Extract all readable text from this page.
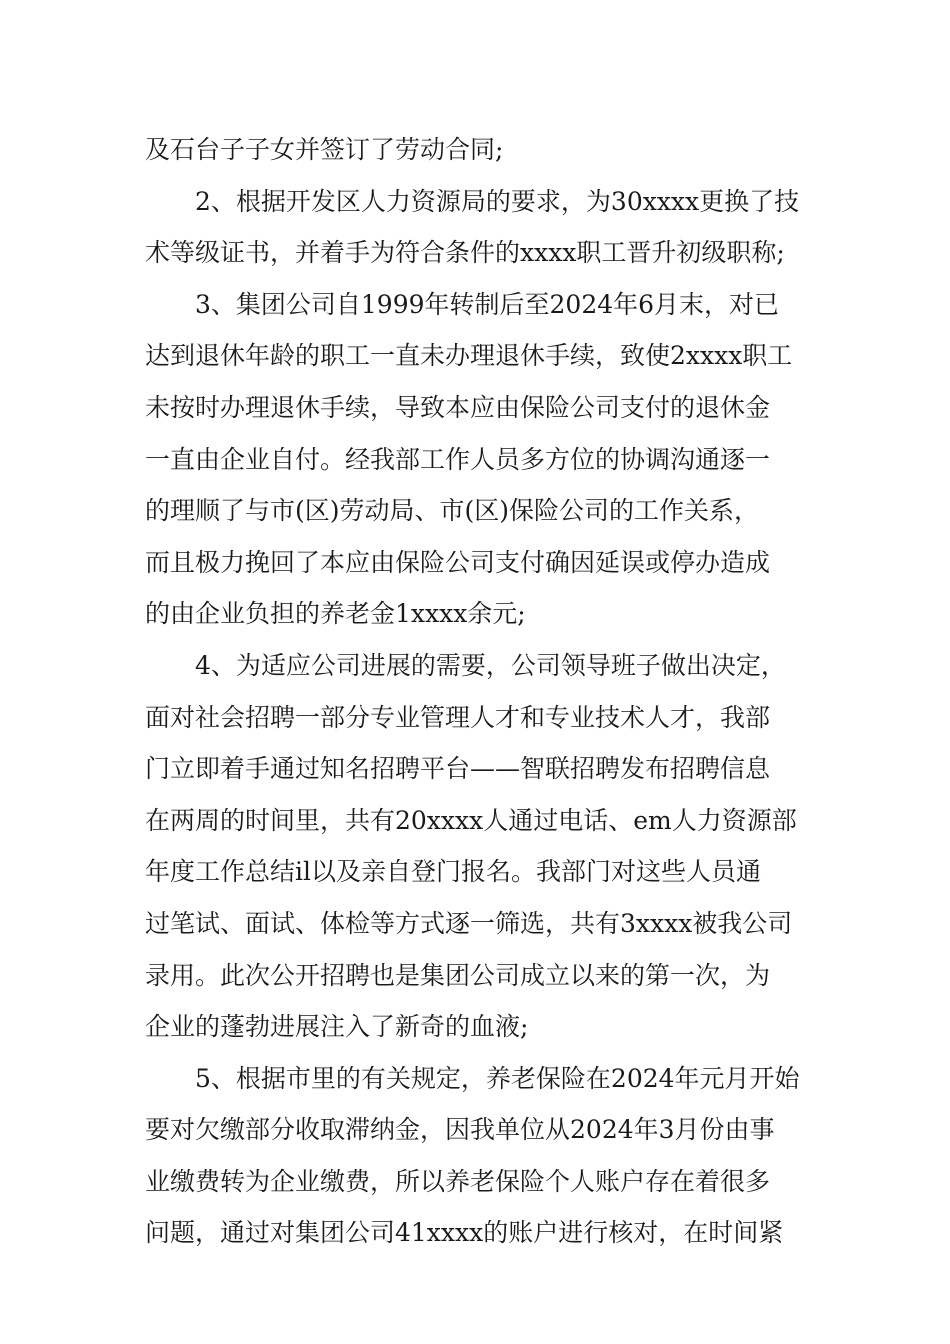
及石台子子女并签订了劳动合同;
2、根据开发区人力资源局的要求，为30xxxx更换了技
术等级证书，并着手为符合条件的xxxx职工晋升初级职称;
3、集团公司自1999年转制后至2024年6月末，对已
达到退休年龄的职工一直未办理退休手续，致使2xxxx职工
未按时办理退休手续，导致本应由保险公司支付的退休金
一直由企业自付。经我部工作人员多方位的协调沟通逐一
的理顺了与市(区)劳动局、市(区)保险公司的工作关系，
而且极力挽回了本应由保险公司支付确因延误或停办造成
的由企业负担的养老金1xxxx余元;
4、为适应公司进展的需要，公司领导班子做出决定，
面对社会招聘一部分专业管理人才和专业技术人才，我部
门立即着手通过知名招聘平台——智联招聘发布招聘信息
在两周的时间里，共有20xxxx人通过电话、em人力资源部
年度工作总结il以及亲自登门报名。我部门对这些人员通
过笔试、面试、体检等方式逐一筛选，共有3xxxx被我公司
录用。此次公开招聘也是集团公司成立以来的第一次，为
企业的蓬勃进展注入了新奇的血液;
5、根据市里的有关规定，养老保险在2024年元月开始
要对欠缴部分收取滞纳金，因我单位从2024年3月份由事
业缴费转为企业缴费，所以养老保险个人账户存在着很多
问题，通过对集团公司41xxxx的账户进行核对，在时间紧
